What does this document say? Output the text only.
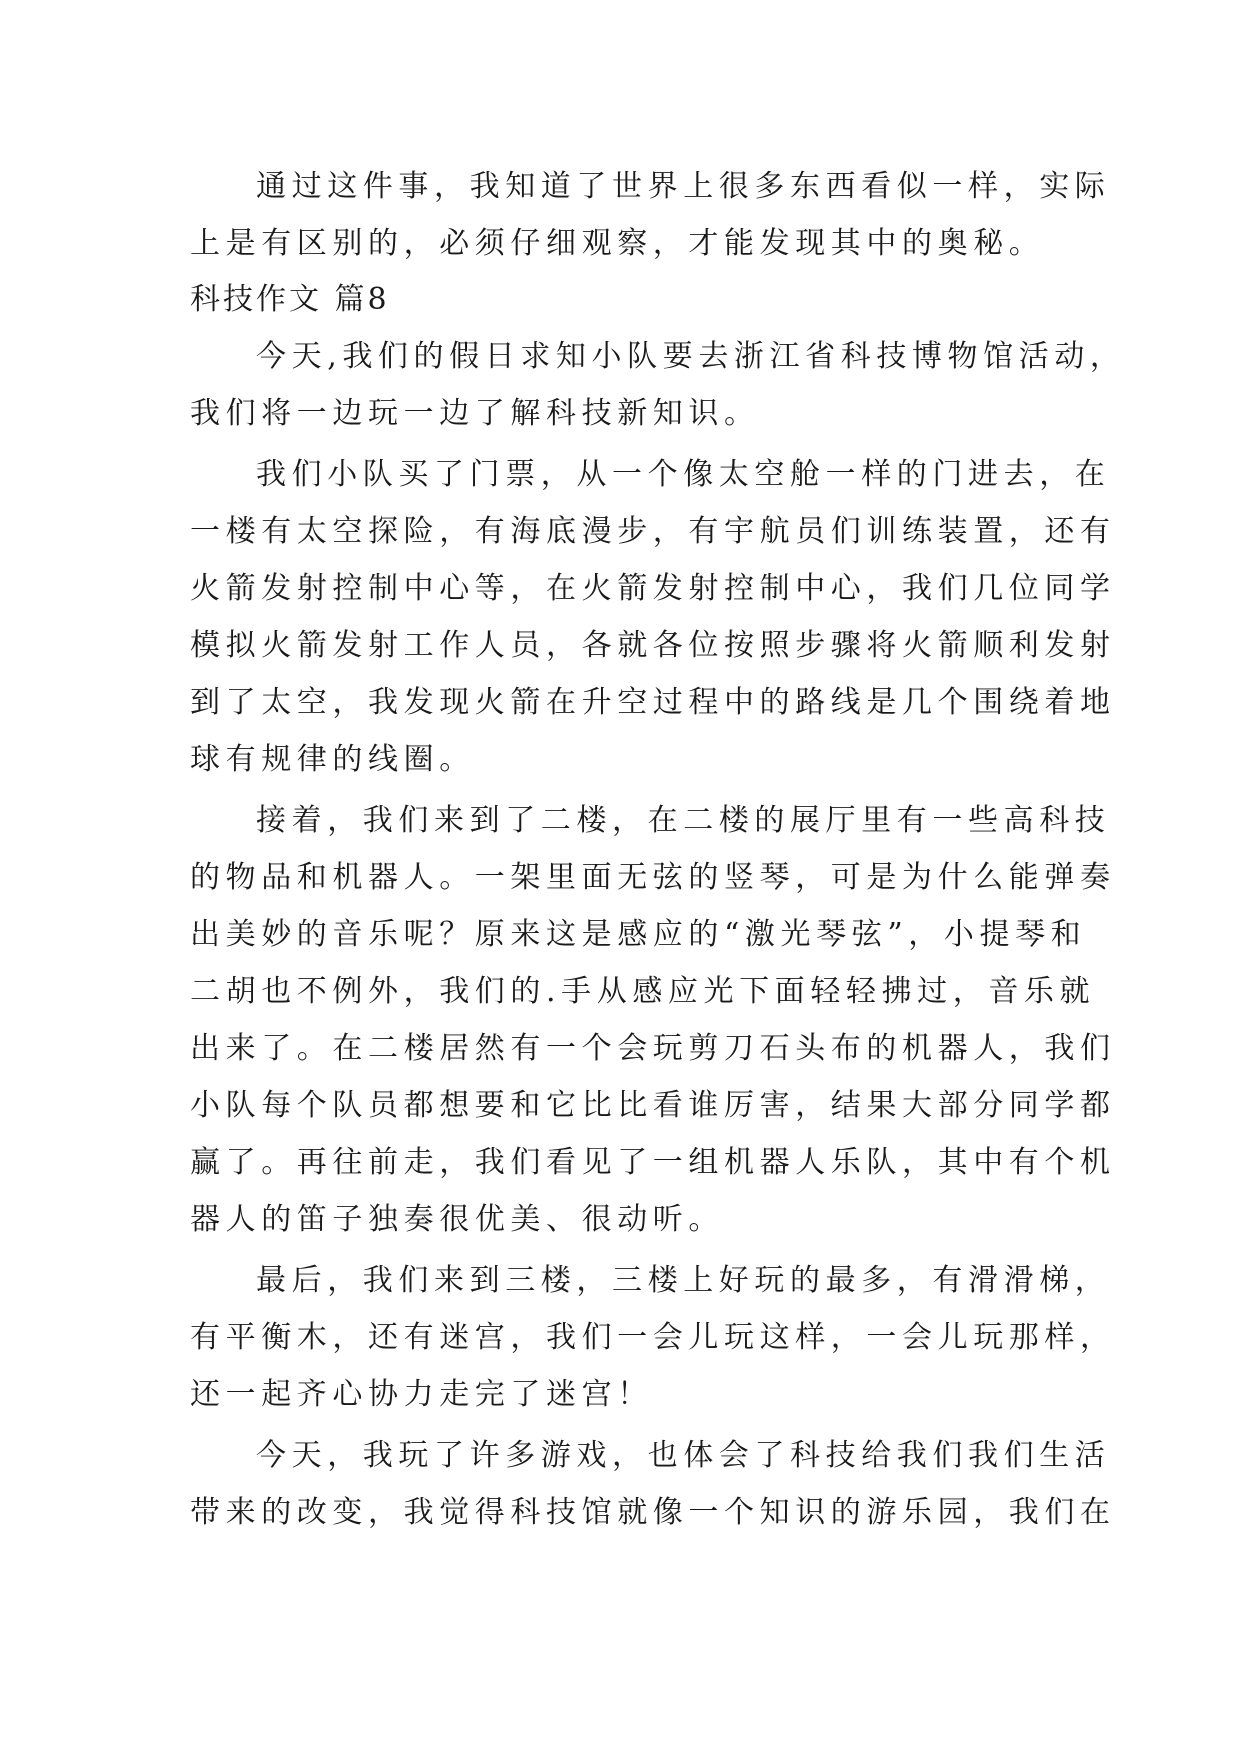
通过这件事，我知道了世界上很多东西看似一样，实际
上是有区别的，必须仔细观察，才能发现其中的奥秘。
科技作文 篇8
今天,我们的假日求知小队要去浙江省科技博物馆活动，
我们将一边玩一边了解科技新知识。
我们小队买了门票，从一个像太空舱一样的门进去，在
一楼有太空探险，有海底漫步，有宇航员们训练装置，还有
火箭发射控制中心等，在火箭发射控制中心，我们几位同学
模拟火箭发射工作人员，各就各位按照步骤将火箭顺利发射
到了太空，我发现火箭在升空过程中的路线是几个围绕着地
球有规律的线圈。
接着，我们来到了二楼，在二楼的展厅里有一些高科技
的物品和机器人。一架里面无弦的竖琴，可是为什么能弹奏
出美妙的音乐呢？原来这是感应的“激光琴弦”，小提琴和
二胡也不例外，我们的.手从感应光下面轻轻拂过，音乐就
出来了。在二楼居然有一个会玩剪刀石头布的机器人，我们
小队每个队员都想要和它比比看谁厉害，结果大部分同学都
赢了。再往前走，我们看见了一组机器人乐队，其中有个机
器人的笛子独奏很优美、很动听。
最后，我们来到三楼，三楼上好玩的最多，有滑滑梯，
有平衡木，还有迷宫，我们一会儿玩这样，一会儿玩那样，
还一起齐心协力走完了迷宫！
今天，我玩了许多游戏，也体会了科技给我们我们生活
带来的改变，我觉得科技馆就像一个知识的游乐园，我们在
